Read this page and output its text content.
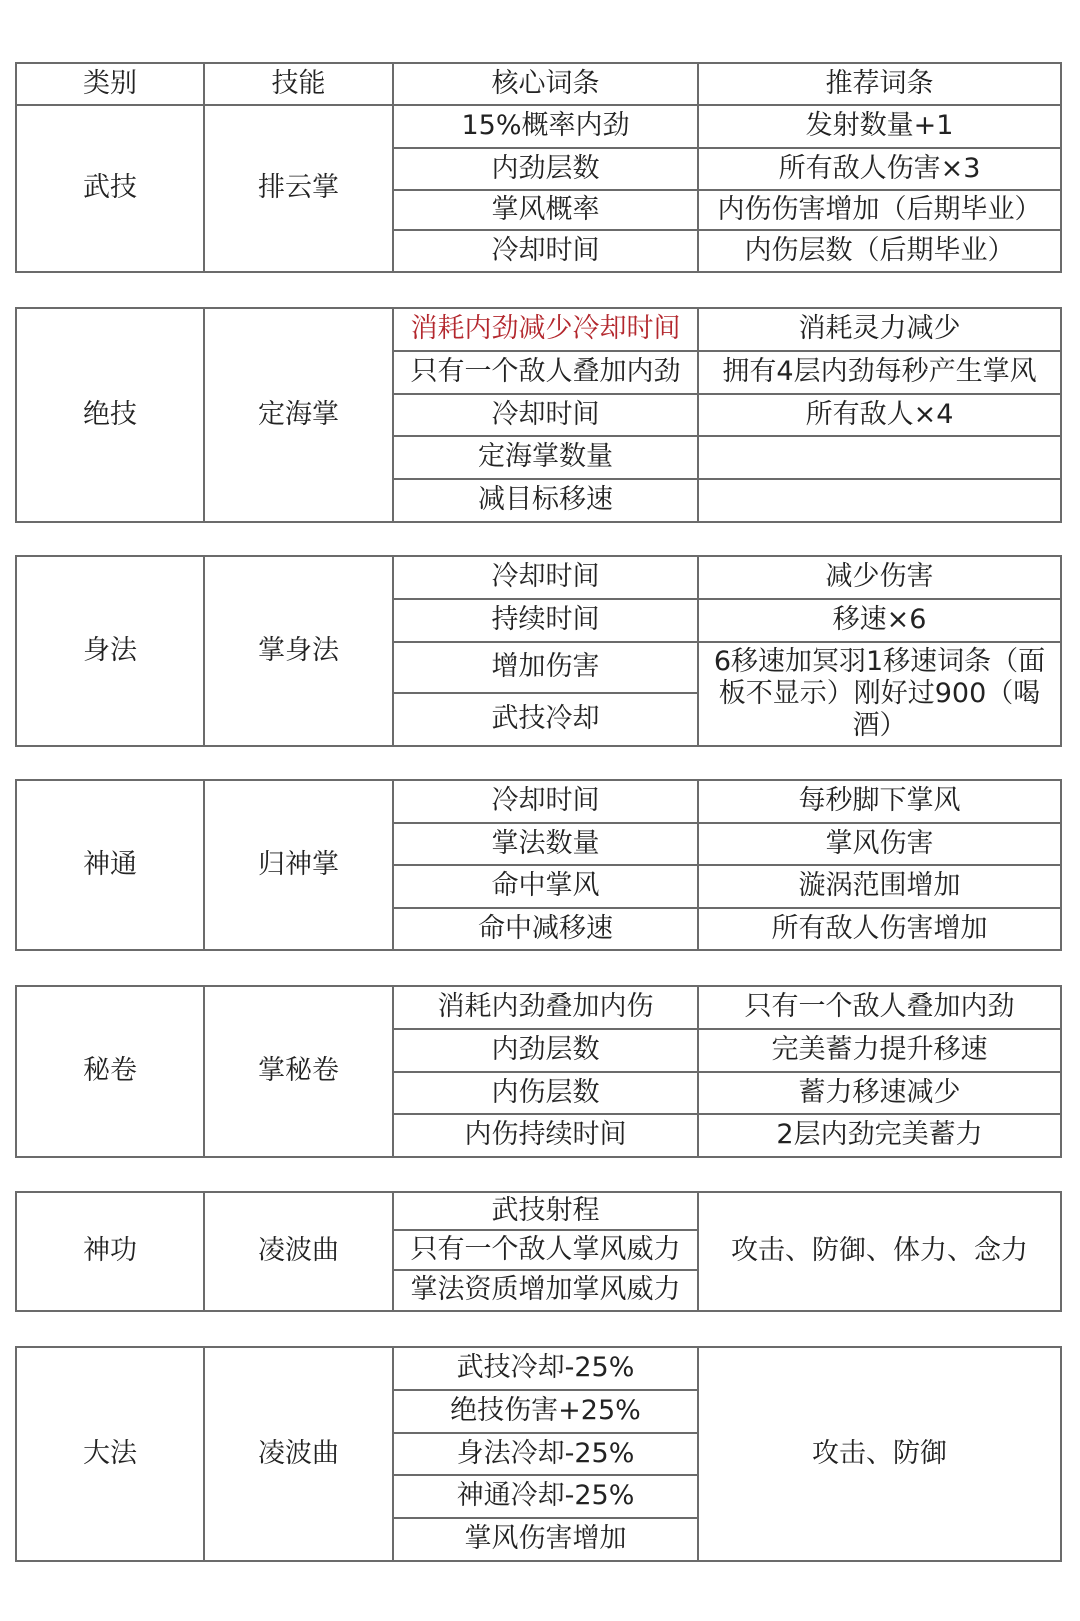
类别	技能	核心词条	推荐词条
武技	排云掌
15%概率内劲	发射数量+1
内劲层数	所有敌人伤害×3
掌风概率	内伤伤害增加（后期毕业）
冷却时间	内伤层数（后期毕业）
绝技	定海掌
消耗内劲减少冷却时间	消耗灵力减少
只有一个敌人叠加内劲	拥有4层内劲每秒产生掌风
冷却时间	所有敌人×4
定海掌数量
减目标移速
身法	掌身法
冷却时间	减少伤害
持续时间	移速×6
增加伤害	6移速加冥羽1移速词条（面板不显示）刚好过900（喝酒）
武技冷却
神通	归神掌
冷却时间	每秒脚下掌风
掌法数量	掌风伤害
命中掌风	漩涡范围增加
命中减移速	所有敌人伤害增加
秘卷	掌秘卷
消耗内劲叠加内伤	只有一个敌人叠加内劲
内劲层数	完美蓄力提升移速
内伤层数	蓄力移速减少
内伤持续时间	2层内劲完美蓄力
神功	凌波曲
武技射程
只有一个敌人掌风威力
掌法资质增加掌风威力
攻击、防御、体力、念力
大法	凌波曲
武技冷却-25%
绝技伤害+25%
身法冷却-25%
神通冷却-25%
掌风伤害增加
攻击、防御
